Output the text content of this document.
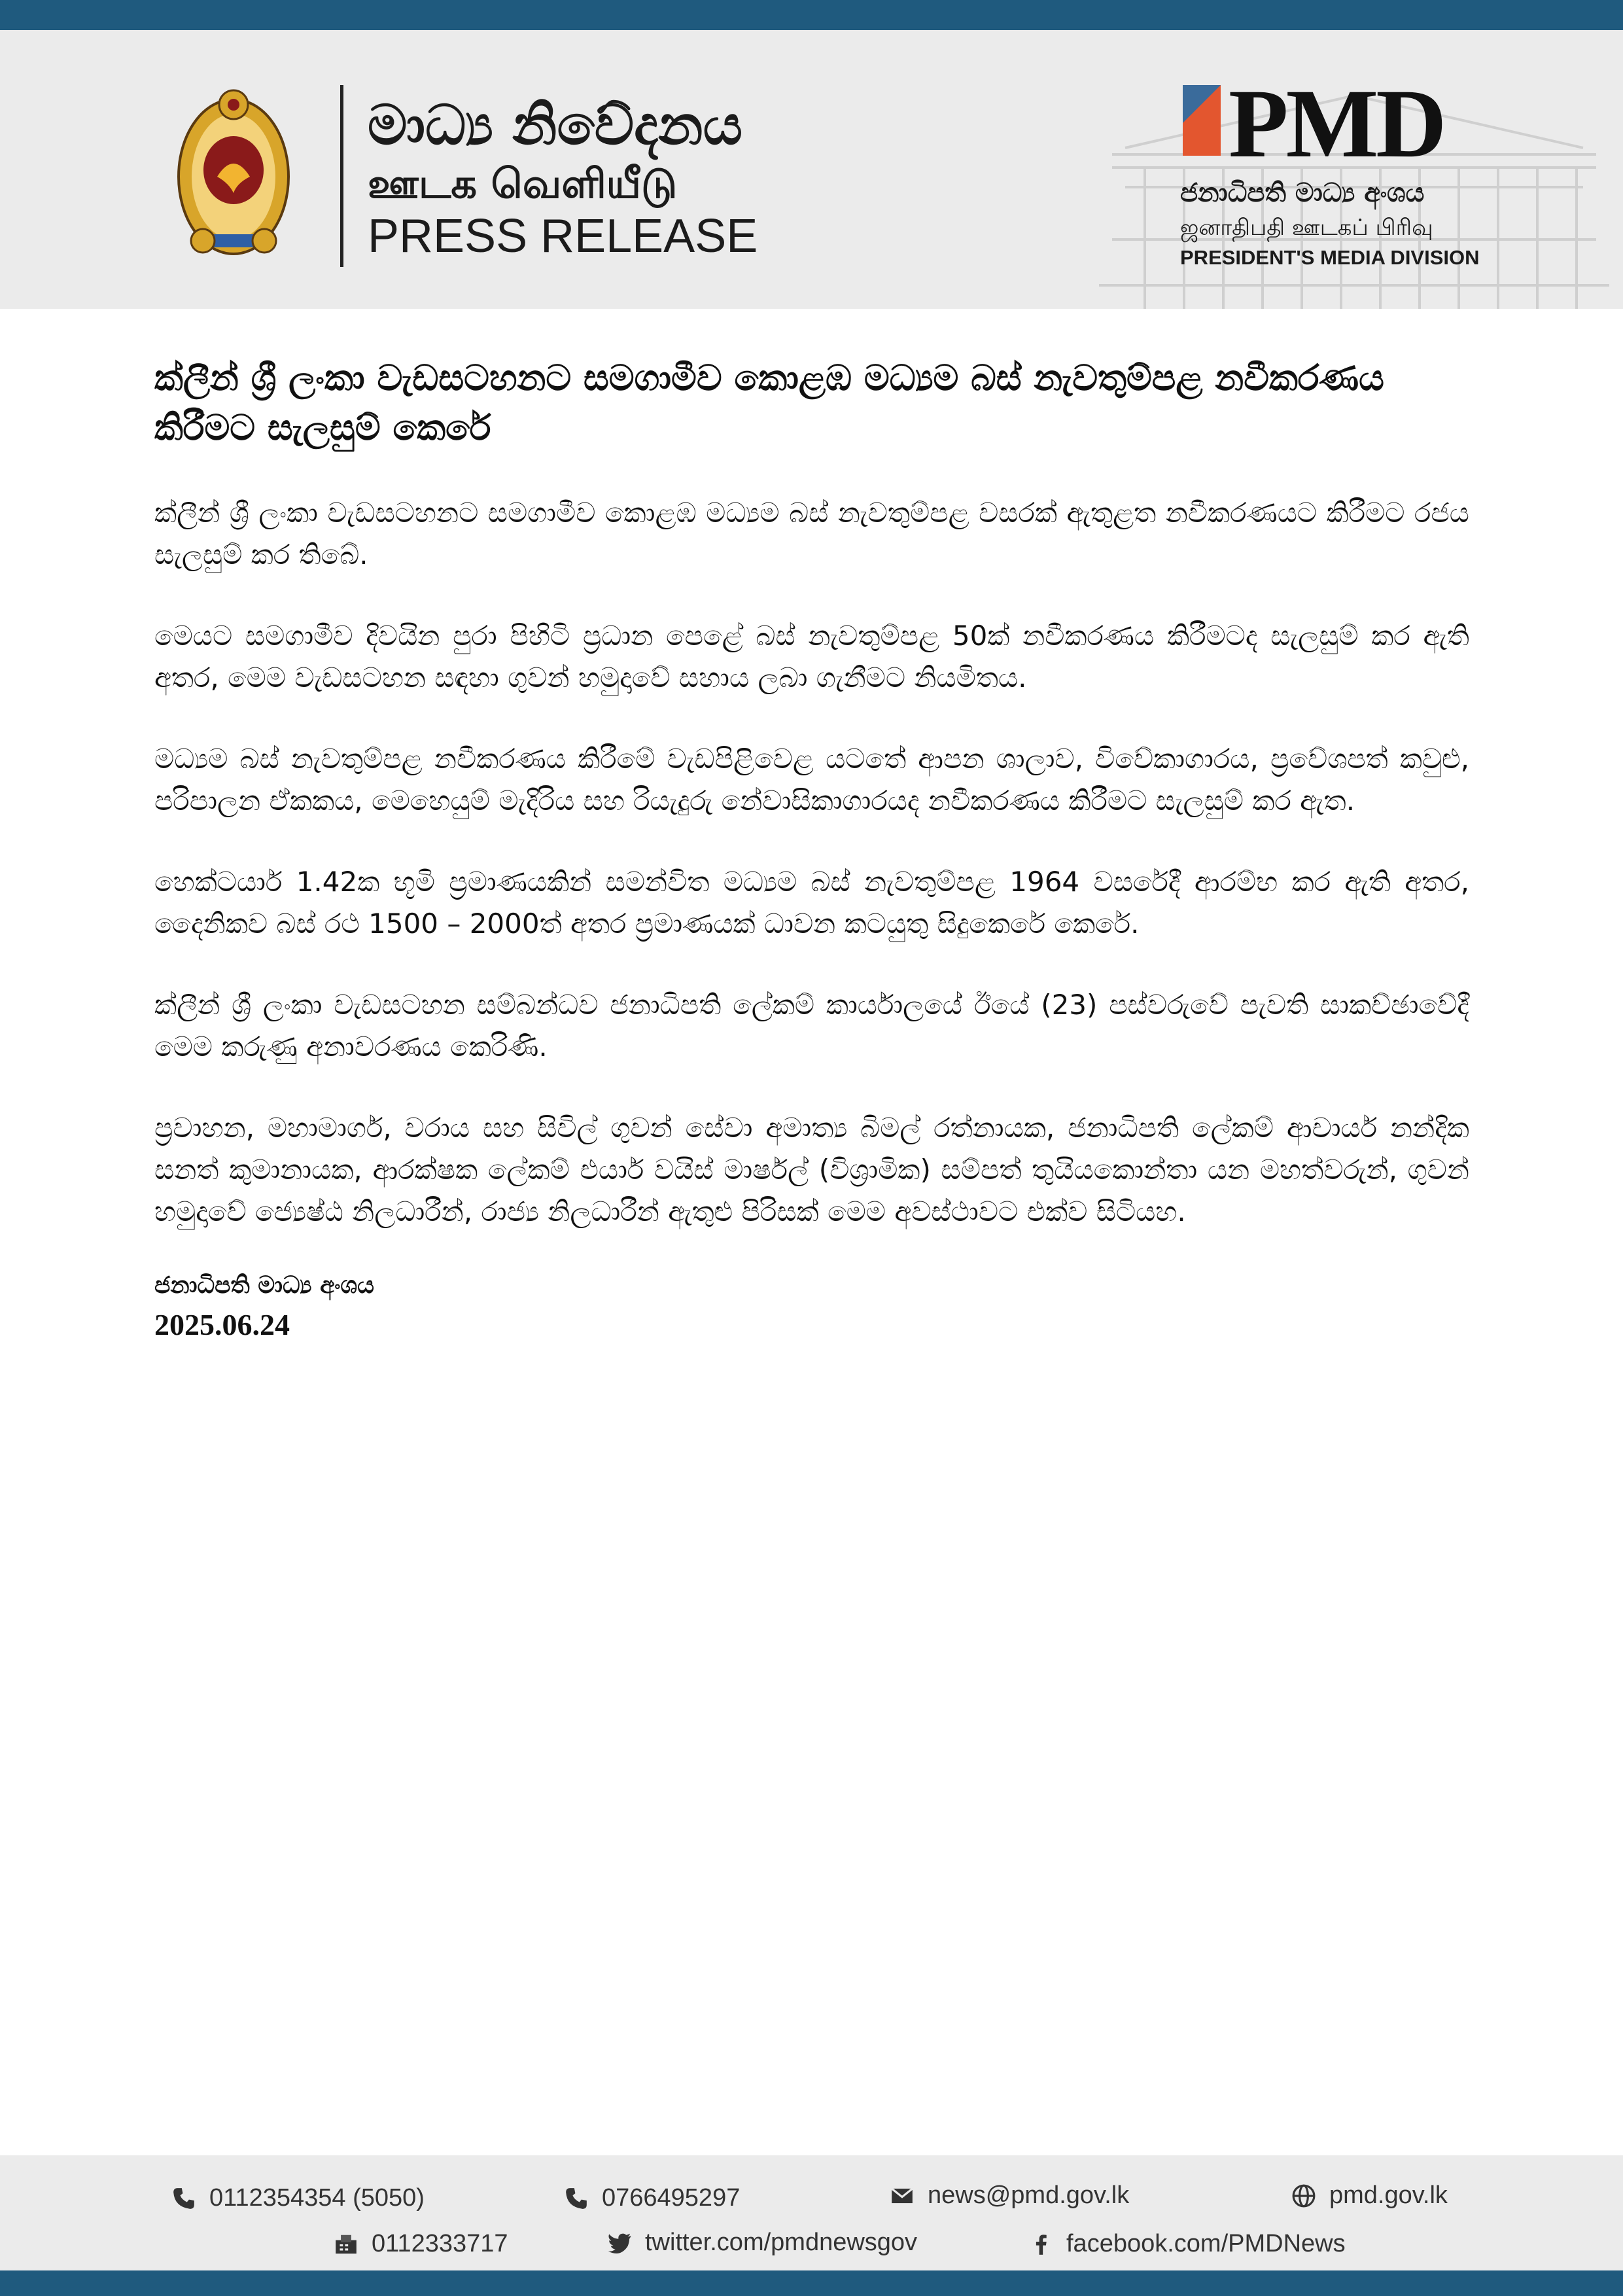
මාධ්‍ය නිවේදනය
ஊடக வெளியீடு
PRESS RELEASE
PMD
ජනාධිපති මාධ්‍ය අංශය
ஜனாதிபதி ஊடகப் பிரிவு
PRESIDENT'S MEDIA DIVISION
ක්ලීන් ශ්‍රී ලංකා වැඩසටහනට සමගාමීව කොළඹ මධ්‍යම බස් නැවතුම්පළ නවීකරණය කිරීමට සැලසුම් කෙරේ

ක්ලීන් ශ්‍රී ලංකා වැඩසටහනට සමගාමීව කොළඹ මධ්‍යම බස් නැවතුම්පළ වසරක් ඇතුළත නවීකරණයට කිරීමට රජය සැලසුම් කර තිබේ.

මෙයට සමගාමීව දිවයින පුරා පිහිටි ප්‍රධාන පෙළේ බස් නැවතුම්පළ 50ක් නවීකරණය කිරීමටද සැලසුම් කර ඇති අතර, මෙම වැඩසටහන සඳහා ගුවන් හමුදාවේ සහාය ලබා ගැනීමට නියමිතය.

මධ්‍යම බස් නැවතුම්පළ නවීකරණය කිරීමේ වැඩපිළිවෙළ යටතේ ආපන ශාලාව, විවේකාගාරය, ප්‍රවේශපත් කවුළු, පරිපාලන ඒකකය, මෙහෙයුම් මැදිරිය සහ රියැදුරු නේවාසිකාගාරයද නවීකරණය කිරීමට සැලසුම් කර ඇත.

හෙක්ටයාර් 1.42ක භූමි ප්‍රමාණයකින් සමන්විත මධ්‍යම බස් නැවතුම්පළ 1964 වසරේදී ආරම්භ කර ඇති අතර, දෛනිකව බස් රථ 1500 – 2000ත් අතර ප්‍රමාණයක් ධාවන කටයුතු සිදුකෙරේ කෙරේ.

ක්ලීන් ශ්‍රී ලංකා වැඩසටහන සම්බන්ධව ජනාධිපති ලේකම් කාර්යාලයේ ඊයේ (23) පස්වරුවේ පැවති සාකච්ඡාවේදී මෙම කරුණු අනාවරණය කෙරිණි.

ප්‍රවාහන, මහාමාර්ග, වරාය සහ සිවිල් ගුවන් සේවා අමාත්‍ය බිමල් රත්නායක, ජනාධිපති ලේකම් ආචාර්ය නන්දික සනත් කුමානායක, ආරක්ෂක ලේකම් එයාර් වයිස් මාර්ෂල් (විශ්‍රාමික) සම්පත් තුයියකොන්තා යන මහත්වරුන්, ගුවන් හමුදාවේ ජ්‍යෙෂ්ඨ නිලධාරීන්, රාජ්‍ය නිලධාරීන් ඇතුළු පිරිසක් මෙම අවස්ථාවට එක්ව සිටියහ.

ජනාධිපති මාධ්‍ය අංශය
2025.06.24
0112354354 (5050)	0766495297	news@pmd.gov.lk	pmd.gov.lk
0112333717	twitter.com/pmdnewsgov	facebook.com/PMDNews
